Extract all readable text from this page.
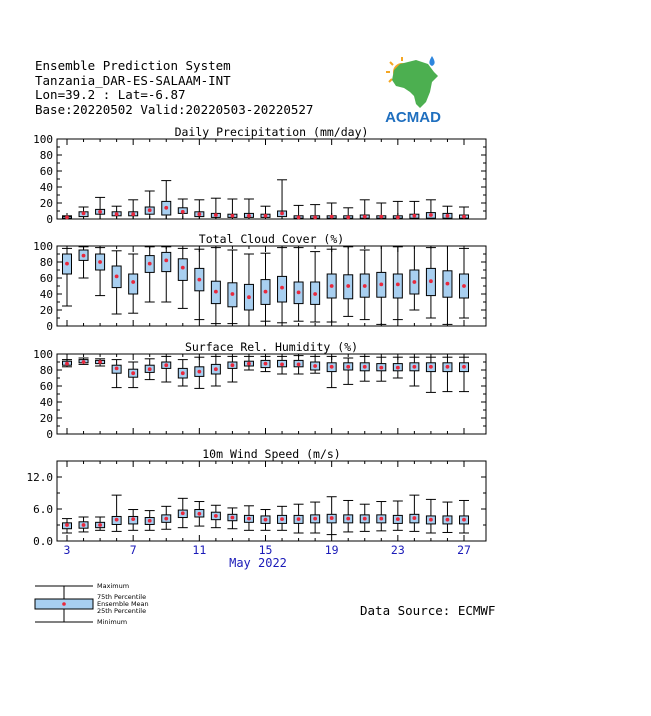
Ensemble Prediction System
Tanzania_DAR-ES-SALAAM-INT
Lon=39.2 : Lat=-6.87
Base:20220502 Valid:20220503-20220527	ACMAD
0
20
40
60
80
100
Daily Precipitation (mm/day)
0
20
40
60
80
100
Total Cloud Cover (%)
0
20
40
60
80
100
Surface Rel. Humidity (%)
0.0
6.0
12.0
10m Wind Speed (m/s)
3	7	11	15	19	23	27
May 2022
Maximum
75th Percentile
Ensemble Mean
25th Percentile
Minimum
Data Source: ECMWF
